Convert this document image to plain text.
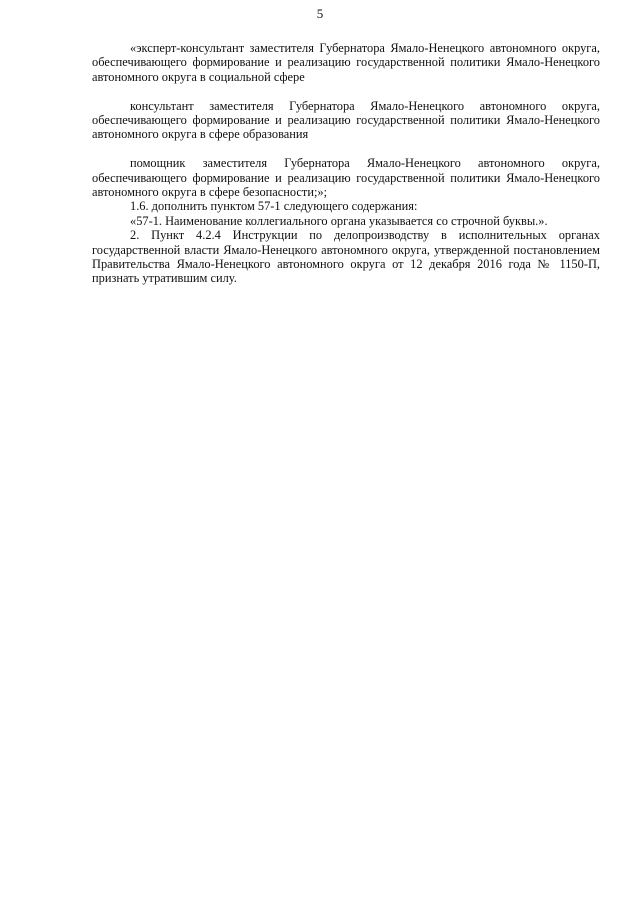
5

«эксперт-консультант заместителя Губернатора Ямало-Ненецкого автономного округа, обеспечивающего формирование и реализацию государственной политики Ямало-Ненецкого автономного округа в социальной сфере

консультант заместителя Губернатора Ямало-Ненецкого автономного округа, обеспечивающего формирование и реализацию государственной политики Ямало-Ненецкого автономного округа в сфере образования

помощник заместителя Губернатора Ямало-Ненецкого автономного округа, обеспечивающего формирование и реализацию государственной политики Ямало-Ненецкого автономного округа в сфере безопасности;»;

1.6. дополнить пунктом 57-1 следующего содержания:

«57-1. Наименование коллегиального органа указывается со строчной буквы.».

2. Пункт 4.2.4 Инструкции по делопроизводству в исполнительных органах государственной власти Ямало-Ненецкого автономного округа, утвержденной постановлением Правительства Ямало-Ненецкого автономного округа от 12 декабря 2016 года № 1150-П, признать утратившим силу.
